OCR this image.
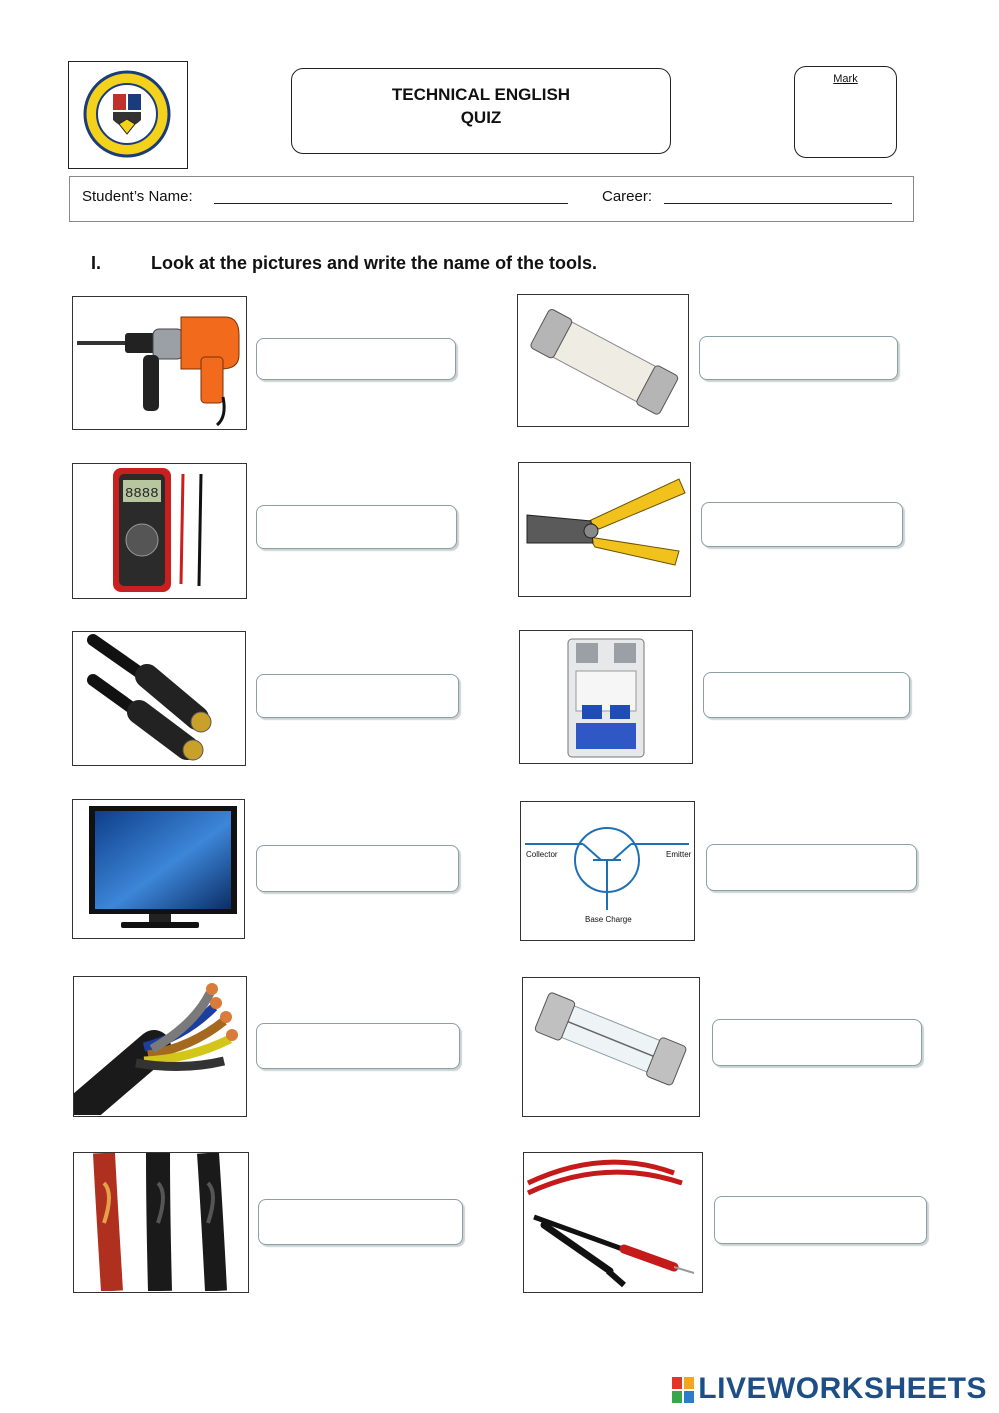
TECHNICAL ENGLISH
QUIZ
Mark
Student’s Name:	Career:
I.	Look at the pictures and write the name of the tools.
8888
Collector	Emitter
Base Charge
LIVEWORKSHEETS
